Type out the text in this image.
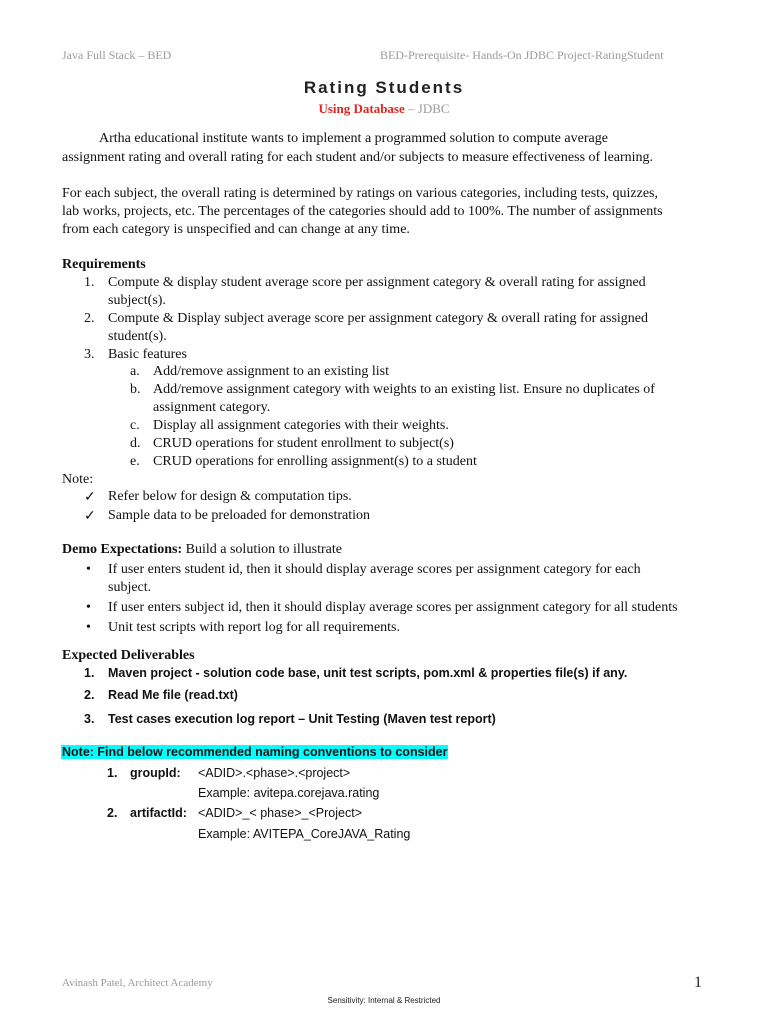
Java Full Stack – BED	BED-Prerequisite- Hands-On JDBC Project-RatingStudent
Rating Students
Using Database – JDBC
Artha educational institute wants to implement a programmed solution to compute average
assignment rating and overall rating for each student and/or subjects to measure effectiveness of learning.
For each subject, the overall rating is determined by ratings on various categories, including tests, quizzes,
lab works, projects, etc. The percentages of the categories should add to 100%. The number of assignments
from each category is unspecified and can change at any time.
Requirements
1. Compute & display student average score per assignment category & overall rating for assigned
subject(s).
2. Compute & Display subject average score per assignment category & overall rating for assigned
student(s).
3. Basic features
a. Add/remove assignment to an existing list
b. Add/remove assignment category with weights to an existing list. Ensure no duplicates of
assignment category.
c. Display all assignment categories with their weights.
d. CRUD operations for student enrollment to subject(s)
e. CRUD operations for enrolling assignment(s) to a student
Note:
✓ Refer below for design & computation tips.
✓ Sample data to be preloaded for demonstration
Demo Expectations: Build a solution to illustrate
• If user enters student id, then it should display average scores per assignment category for each
subject.
• If user enters subject id, then it should display average scores per assignment category for all students
• Unit test scripts with report log for all requirements.
Expected Deliverables
1. Maven project - solution code base, unit test scripts, pom.xml & properties file(s) if any.
2. Read Me file (read.txt)
3. Test cases execution log report – Unit Testing (Maven test report)
Note: Find below recommended naming conventions to consider
1. groupId: <ADID>.<phase>.<project>
Example: avitepa.corejava.rating
2. artifactId: <ADID>_< phase>_<Project>
Example: AVITEPA_CoreJAVA_Rating
Avinash Patel, Architect Academy	1
Sensitivity: Internal & Restricted
